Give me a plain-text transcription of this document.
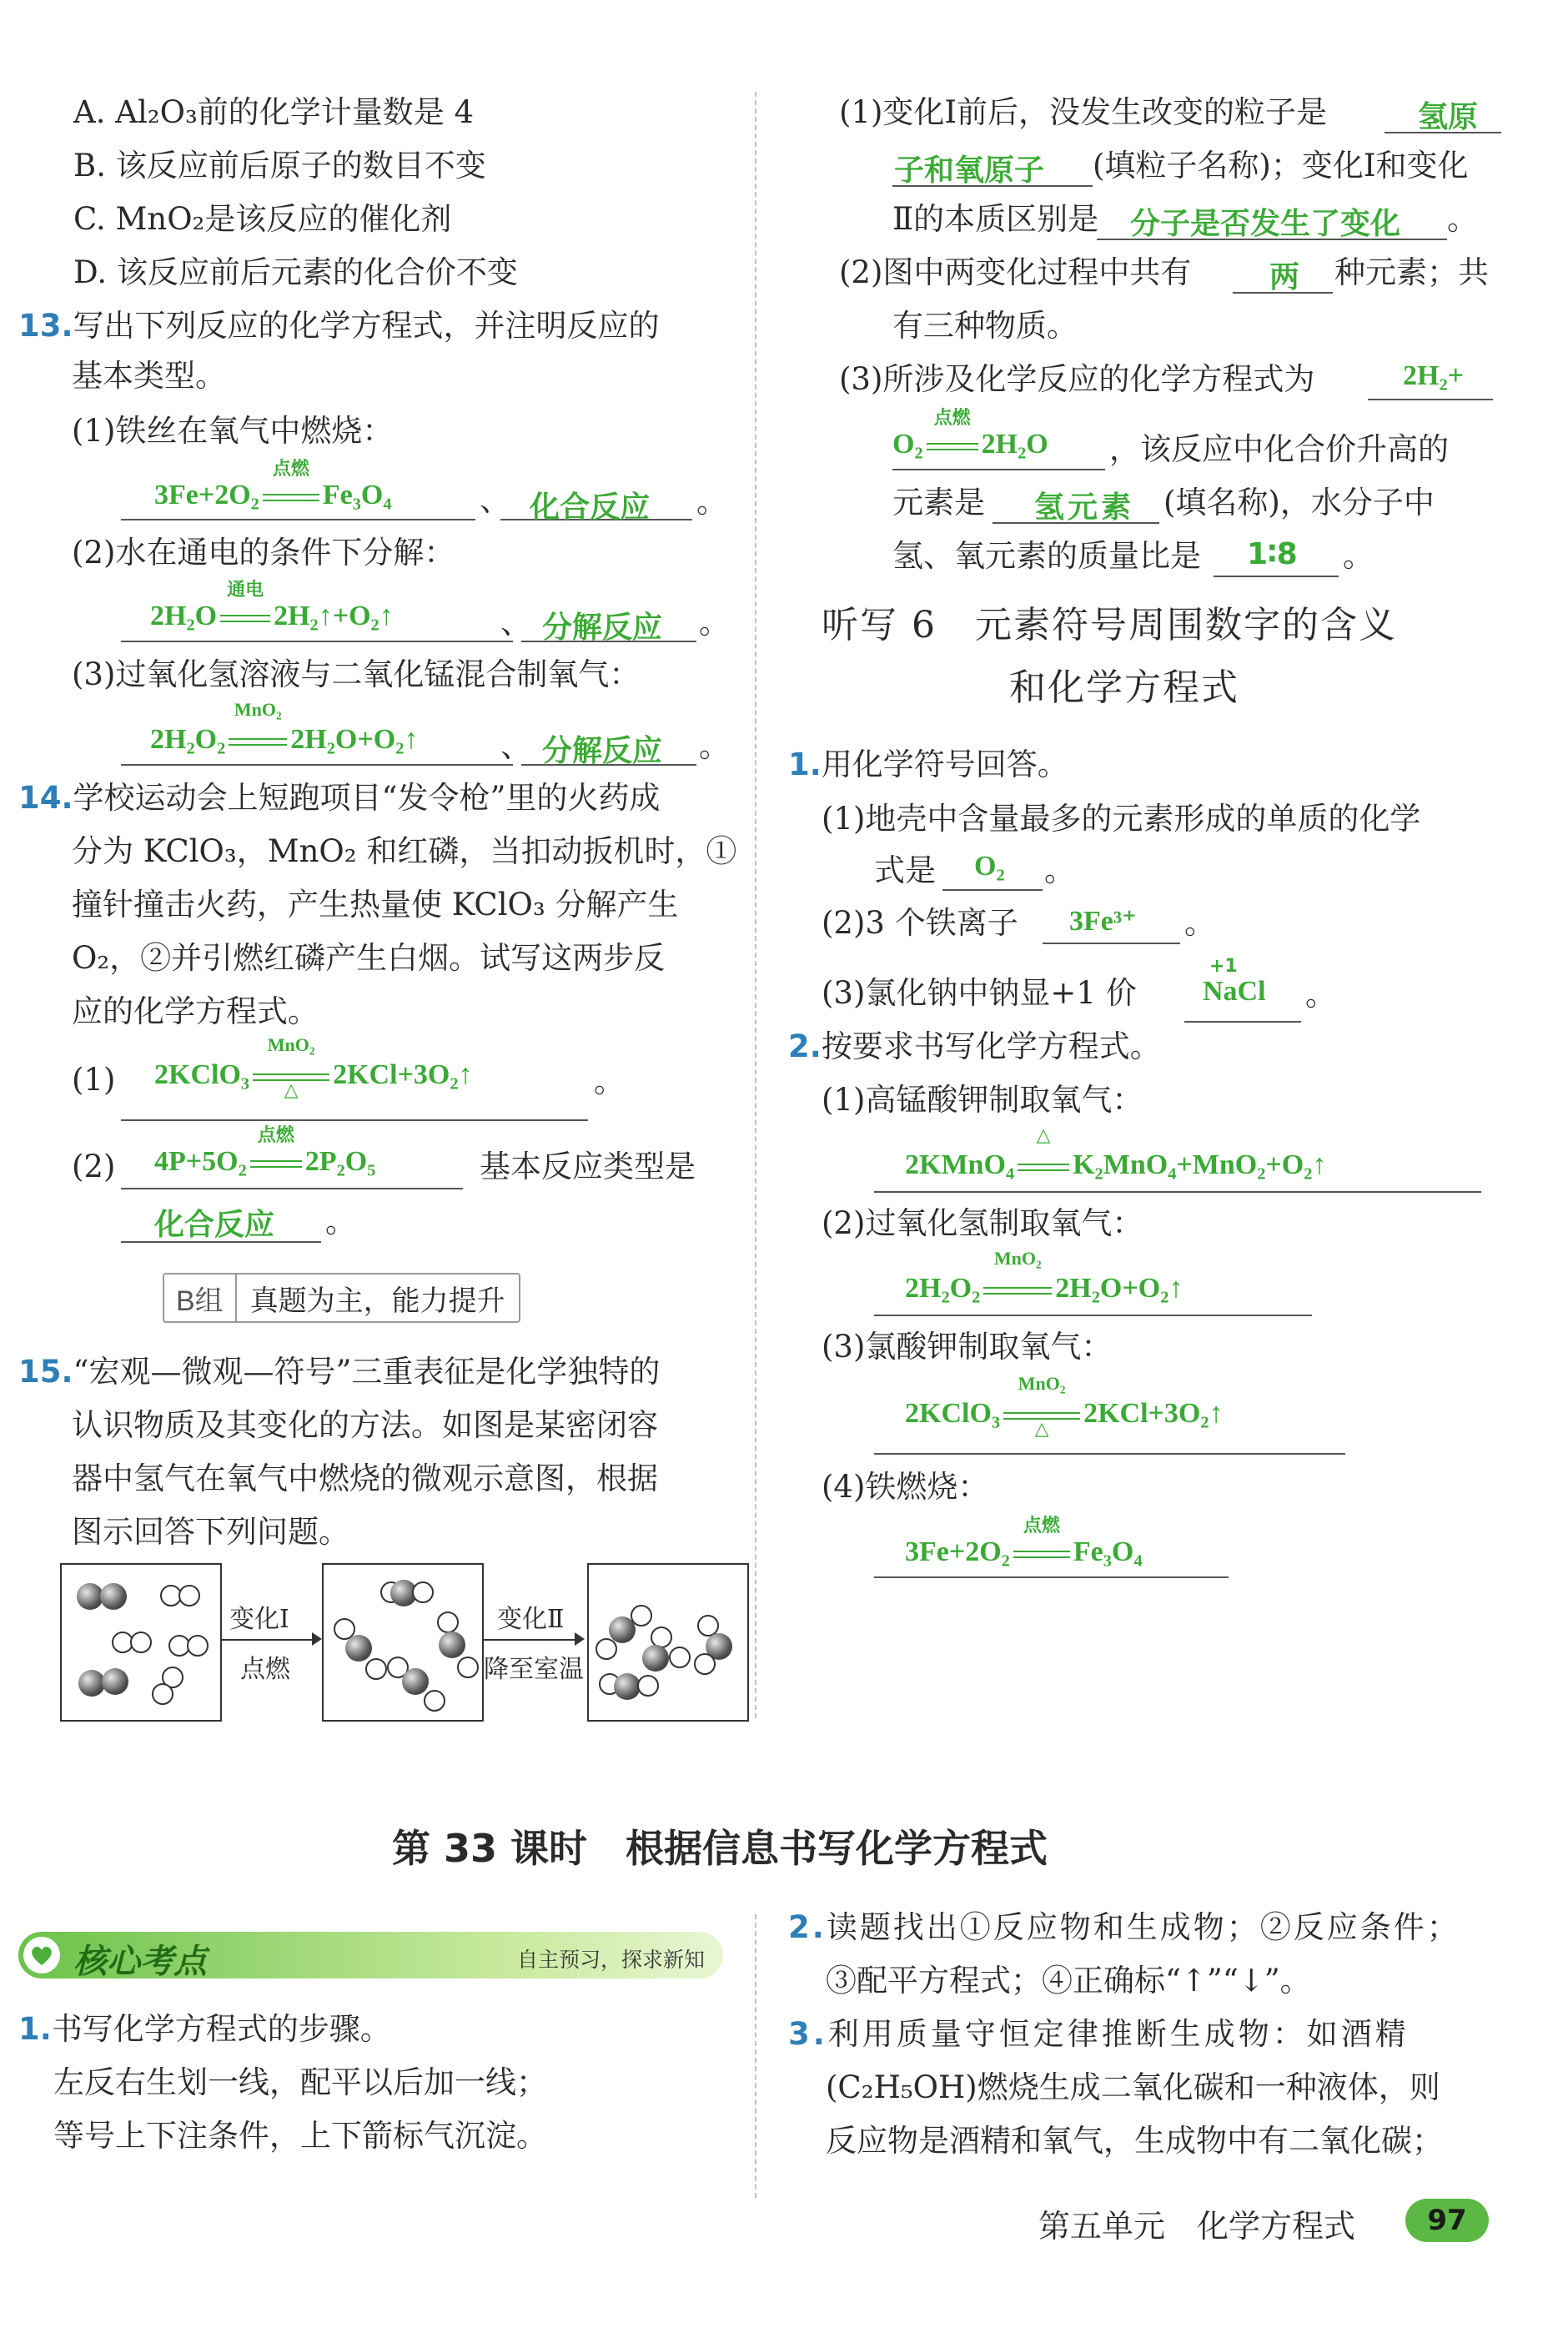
A. Al₂O₃前的化学计量数是 4
B. 该反应前后原子的数目不变
C. MnO₂是该反应的催化剂
D. 该反应前后元素的化合价不变
13.写出下列反应的化学方程式，并注明反应的
基本类型。
(1)铁丝在氧气中燃烧：
3Fe+2O₂
点燃
Fe₃O₄	、 化合反应 。
(2)水在通电的条件下分解：
2H₂O
通电
2H₂↑+O₂↑	、 分解反应 。
(3)过氧化氢溶液与二氧化锰混合制氧气：
2H₂O₂
MnO₂
2H₂O+O₂↑	、 分解反应 。
14.学校运动会上短跑项目“发令枪”里的火药成
分为 KClO₃，MnO₂ 和红磷，当扣动扳机时，①
撞针撞击火药，产生热量使 KClO₃ 分解产生
O₂，②并引燃红磷产生白烟。试写这两步反
应的化学方程式。
(1) 2KClO₃
MnO₂
△	2KCl+3O₂↑	。
(2) 4P+5O₂
点燃
2P₂O₅	基本反应类型是
化合反应 。
B组 真题为主，能力提升
15.“宏观—微观—符号”三重表征是化学独特的
认识物质及其变化的方法。如图是某密闭容
器中氢气在氧气中燃烧的微观示意图，根据
图示回答下列问题。
变化Ⅰ
点燃
变化Ⅱ
降至室温
(1)变化Ⅰ前后，没发生改变的粒子是	氢原
子和氧原子 (填粒子名称)；变化Ⅰ和变化
Ⅱ的本质区别是 分子是否发生了变化 。
(2)图中两变化过程中共有	两 种元素；共
有三种物质。
(3)所涉及化学反应的化学方程式为	2H₂+
O₂
点燃
2H₂O ，该反应中化合价升高的
元素是 氢元素 (填名称)，水分子中
氢、氧元素的质量比是 1∶8 。
听写 6　元素符号周围数字的含义
和化学方程式
1.用化学符号回答。
(1)地壳中含量最多的元素形成的单质的化学
式是 O₂ 。
(2)3 个铁离子 3Fe³⁺ 。
(3)氯化钠中钠显+1 价
+1
NaCl 。
2.按要求书写化学方程式。
(1)高锰酸钾制取氧气：
2KMnO₄
△
K₂MnO₄+MnO₂+O₂↑
(2)过氧化氢制取氧气：
2H₂O₂
MnO₂
2H₂O+O₂↑
(3)氯酸钾制取氧气：
2KClO₃
MnO₂
△	2KCl+3O₂↑
(4)铁燃烧：
3Fe+2O₂
点燃
Fe₃O₄
第 33 课时　根据信息书写化学方程式
核心考点	自主预习，探求新知
1.书写化学方程式的步骤。
左反右生划一线，配平以后加一线；
等号上下注条件，上下箭标气沉淀。
2.读题找出①反应物和生成物；②反应条件；
③配平方程式；④正确标“↑”“↓”。
3.利用质量守恒定律推断生成物：如酒精
(C₂H₅OH)燃烧生成二氧化碳和一种液体，则
反应物是酒精和氧气，生成物中有二氧化碳；
第五单元　化学方程式	97
